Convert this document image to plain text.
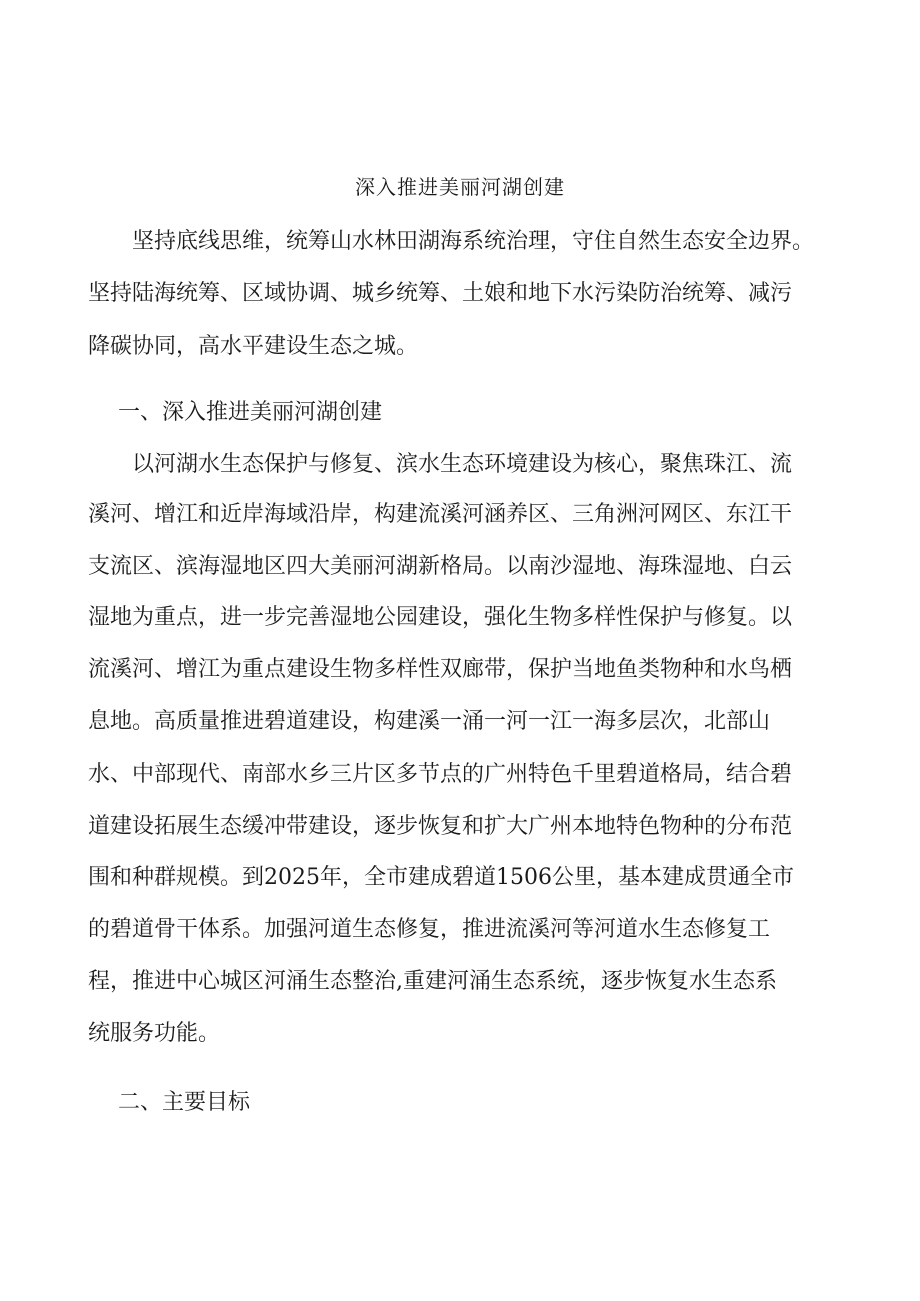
深入推进美丽河湖创建
坚持底线思维，统筹山水林田湖海系统治理，守住自然生态安全边界。
坚持陆海统筹、区域协调、城乡统筹、土娘和地下水污染防治统筹、减污
降碳协同，高水平建设生态之城。
一、深入推进美丽河湖创建
以河湖水生态保护与修复、滨水生态环境建设为核心，聚焦珠江、流
溪河、增江和近岸海域沿岸，构建流溪河涵养区、三角洲河网区、东江干
支流区、滨海湿地区四大美丽河湖新格局。以南沙湿地、海珠湿地、白云
湿地为重点，进一步完善湿地公园建设，强化生物多样性保护与修复。以
流溪河、增江为重点建设生物多样性双廊带，保护当地鱼类物种和水鸟栖
息地。高质量推进碧道建设，构建溪一涌一河一江一海多层次，北部山
水、中部现代、南部水乡三片区多节点的广州特色千里碧道格局，结合碧
道建设拓展生态缓冲带建设，逐步恢复和扩大广州本地特色物种的分布范
围和种群规模。到2025年，全市建成碧道1506公里，基本建成贯通全市
的碧道骨干体系。加强河道生态修复，推进流溪河等河道水生态修复工
程，推进中心城区河涌生态整治,重建河涌生态系统，逐步恢复水生态系
统服务功能。
二、主要目标
